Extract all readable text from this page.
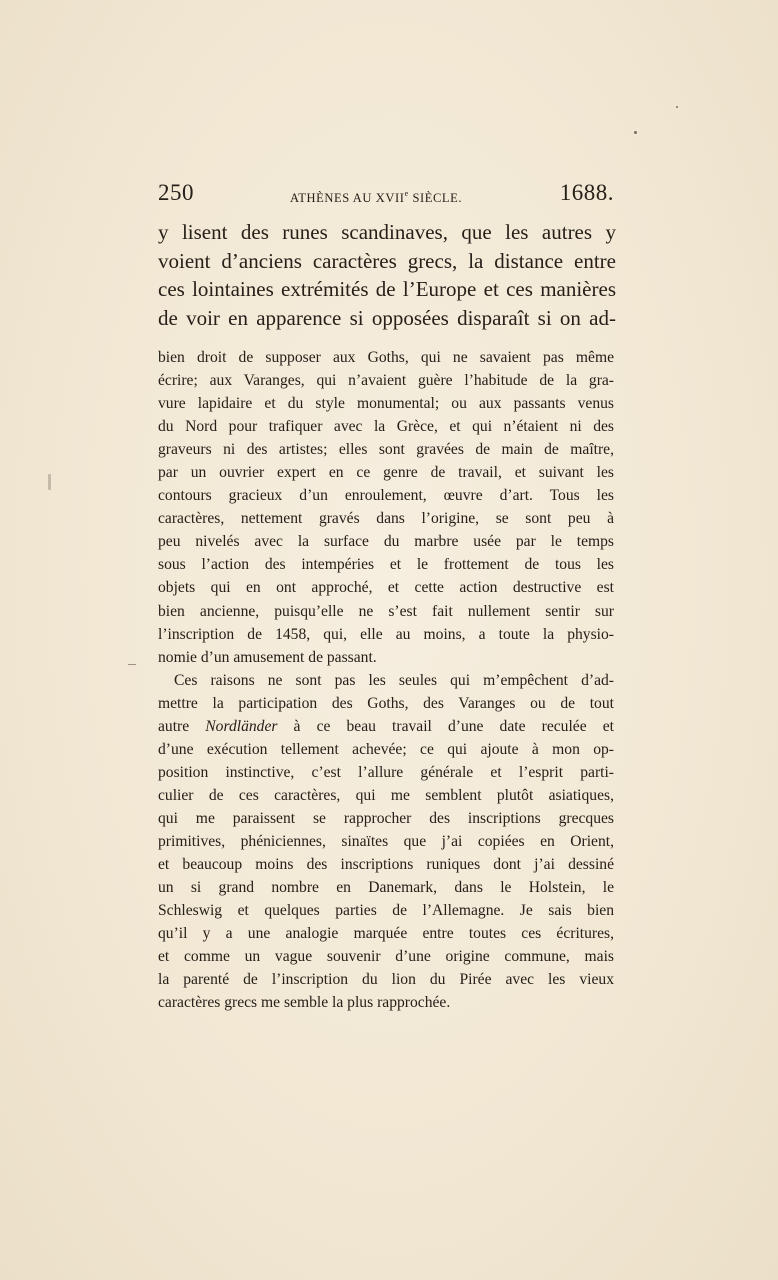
250	ATHÈNES AU XVIIe SIÈCLE.	1688.
y lisent des runes scandinaves, que les autres y
voient d’anciens caractères grecs, la distance entre
ces lointaines extrémités de l’Europe et ces manières
de voir en apparence si opposées disparaît si on ad-
bien droit de supposer aux Goths, qui ne savaient pas même
écrire; aux Varanges, qui n’avaient guère l’habitude de la gra-
vure lapidaire et du style monumental; ou aux passants venus
du Nord pour trafiquer avec la Grèce, et qui n’étaient ni des
graveurs ni des artistes; elles sont gravées de main de maître,
par un ouvrier expert en ce genre de travail, et suivant les
contours gracieux d’un enroulement, œuvre d’art. Tous les
caractères, nettement gravés dans l’origine, se sont peu à
peu nivelés avec la surface du marbre usée par le temps
sous l’action des intempéries et le frottement de tous les
objets qui en ont approché, et cette action destructive est
bien ancienne, puisqu’elle ne s’est fait nullement sentir sur
l’inscription de 1458, qui, elle au moins, a toute la physio-
nomie d’un amusement de passant.
Ces raisons ne sont pas les seules qui m’empêchent d’ad-
mettre la participation des Goths, des Varanges ou de tout
autre Nordländer à ce beau travail d’une date reculée et
d’une exécution tellement achevée; ce qui ajoute à mon op-
position instinctive, c’est l’allure générale et l’esprit parti-
culier de ces caractères, qui me semblent plutôt asiatiques,
qui me paraissent se rapprocher des inscriptions grecques
primitives, phéniciennes, sinaïtes que j’ai copiées en Orient,
et beaucoup moins des inscriptions runiques dont j’ai dessiné
un si grand nombre en Danemark, dans le Holstein, le
Schleswig et quelques parties de l’Allemagne. Je sais bien
qu’il y a une analogie marquée entre toutes ces écritures,
et comme un vague souvenir d’une origine commune, mais
la parenté de l’inscription du lion du Pirée avec les vieux
caractères grecs me semble la plus rapprochée.
